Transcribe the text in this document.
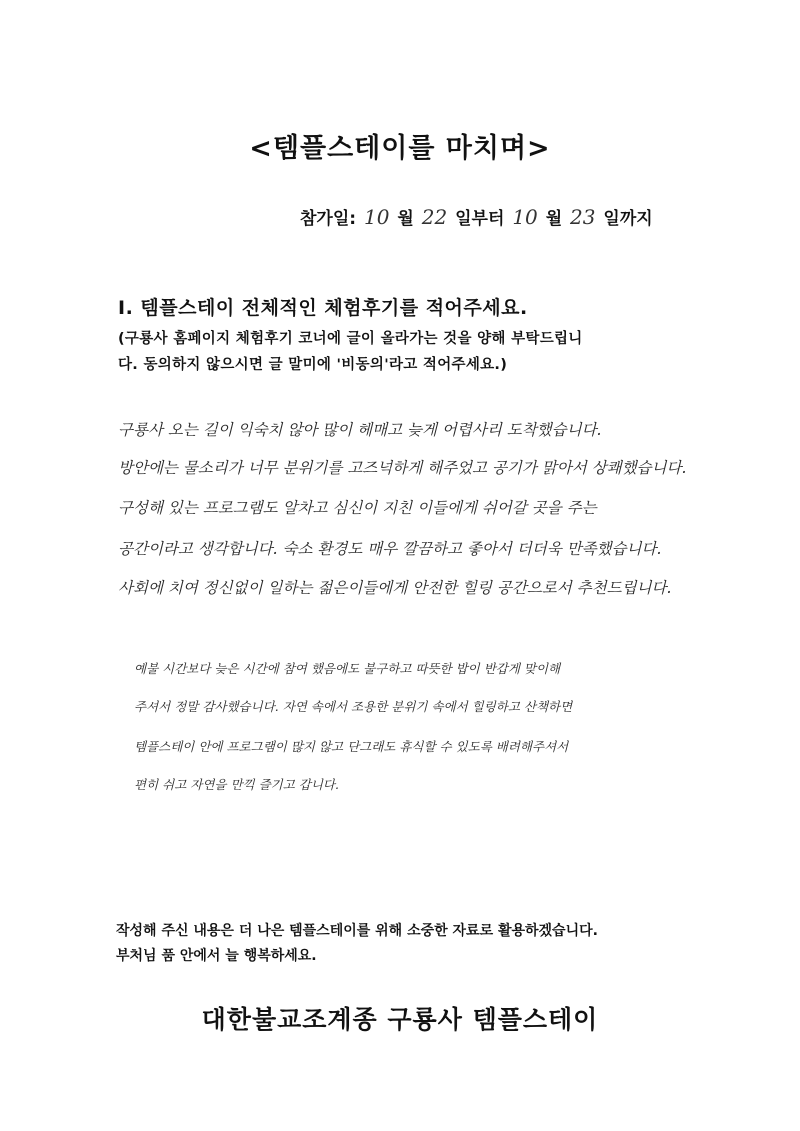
<템플스테이를 마치며>
참가일: 10 월 22 일부터 10 월 23 일까지
I. 템플스테이 전체적인 체험후기를 적어주세요.
(구룡사 홈페이지 체험후기 코너에 글이 올라가는 것을 양해 부탁드립니
다. 동의하지 않으시면 글 말미에 '비동의'라고 적어주세요.)
구룡사 오는 길이 익숙치 않아 많이 헤매고 늦게 어렵사리 도착했습니다.
방안에는 물소리가 너무 분위기를 고즈넉하게 해주었고 공기가 맑아서 상쾌했습니다.
구성해 있는 프로그램도 알차고 심신이 지친 이들에게 쉬어갈 곳을 주는
공간이라고 생각합니다. 숙소 환경도 매우 깔끔하고 좋아서 더더욱 만족했습니다.
사회에 치여 정신없이 일하는 젊은이들에게 안전한 힐링 공간으로서 추천드립니다.
예불 시간보다 늦은 시간에 참여 했음에도 불구하고 따뜻한 밥이 반갑게 맞이해
주셔서 정말 감사했습니다. 자연 속에서 조용한 분위기 속에서 힐링하고 산책하면
템플스테이 안에 프로그램이 많지 않고 단그래도 휴식할 수 있도록 배려해주셔서
편히 쉬고 자연을 만끽 즐기고 갑니다.
작성해 주신 내용은 더 나은 템플스테이를 위해 소중한 자료로 활용하겠습니다.
부처님 품 안에서 늘 행복하세요.
대한불교조계종 구룡사 템플스테이
